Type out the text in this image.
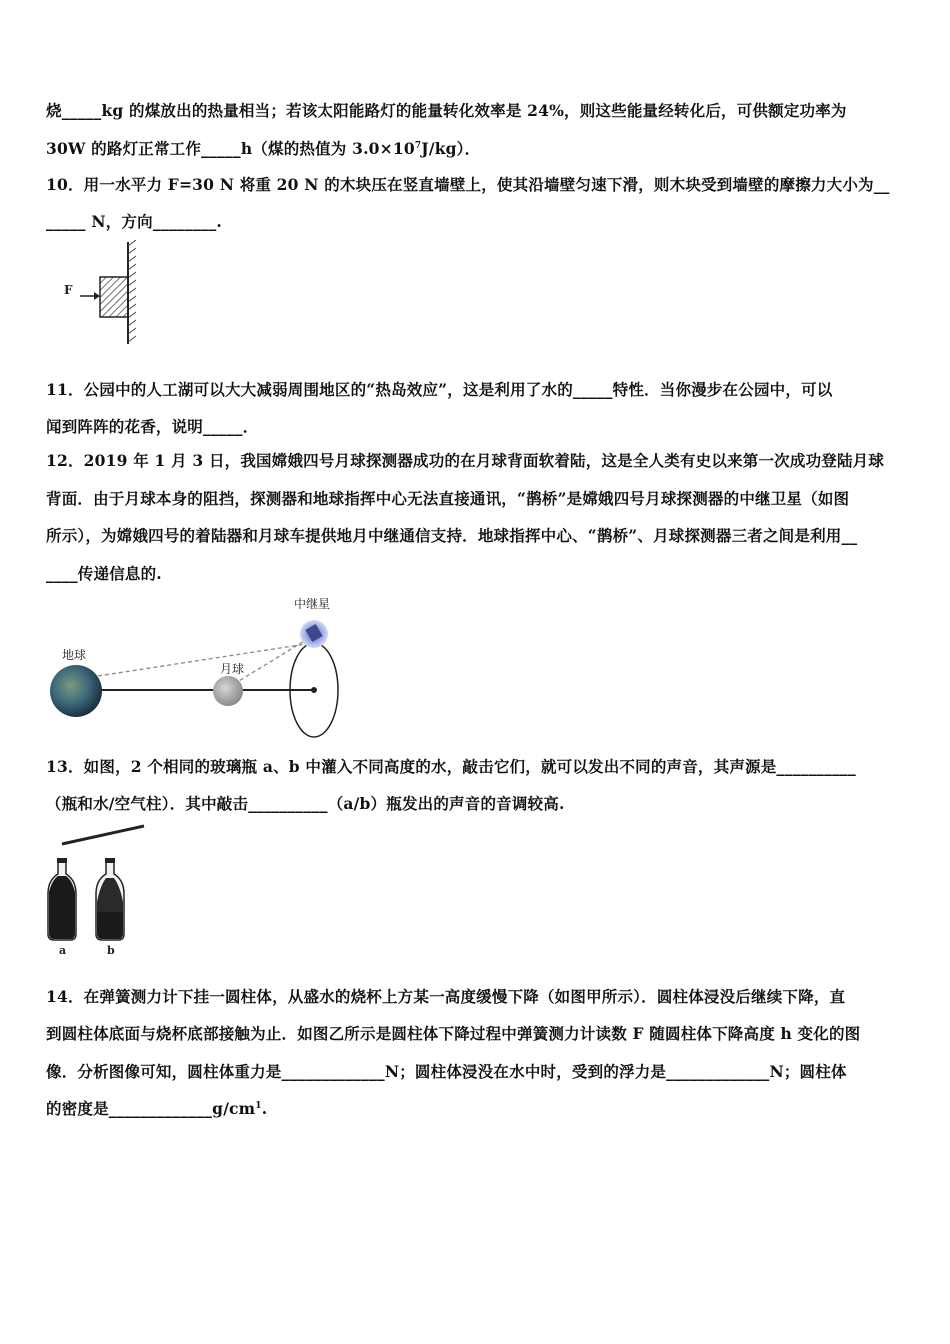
烧_____kg 的煤放出的热量相当；若该太阳能路灯的能量转化效率是 24%，则这些能量经转化后，可供额定功率为
30W 的路灯正常工作_____h（煤的热值为 $3.0\times 10^7J/kg$）．
10．用一水平力 F=30 N 将重 20 N 的木块压在竖直墙壁上，使其沿墙壁匀速下滑，则木块受到墙壁的摩擦力大小为__
_____ N，方向________.
F
11．公园中的人工湖可以大大减弱周围地区的“热岛效应”，这是利用了水的_____特性．当你漫步在公园中，可以
闻到阵阵的花香，说明_____．
12．2019 年 1 月 3 日，我国嫦娥四号月球探测器成功的在月球背面软着陆，这是全人类有史以来第一次成功登陆月球
背面．由于月球本身的阻挡，探测器和地球指挥中心无法直接通讯，“鹊桥”是嫦娥四号月球探测器的中继卫星（如图
所示），为嫦娥四号的着陆器和月球车提供地月中继通信支持．地球指挥中心、“鹊桥”、月球探测器三者之间是利用__
____传递信息的.
中继星
地球
月球
13．如图，2 个相同的玻璃瓶 a、b 中灌入不同高度的水，敲击它们，就可以发出不同的声音，其声源是__________
（瓶和水/空气柱）．其中敲击__________（a/b）瓶发出的声音的音调较高.
a	b
14．在弹簧测力计下挂一圆柱体，从盛水的烧杯上方某一高度缓慢下降（如图甲所示）．圆柱体浸没后继续下降，直
到圆柱体底面与烧杯底部接触为止．如图乙所示是圆柱体下降过程中弹簧测力计读数 F 随圆柱体下降高度 h 变化的图
像．分析图像可知，圆柱体重力是_____________N；圆柱体浸没在水中时，受到的浮力是_____________N；圆柱体
的密度是$\_\_\_\_\_\_\_\_\_\_\_\_\_g/cm^1$.
